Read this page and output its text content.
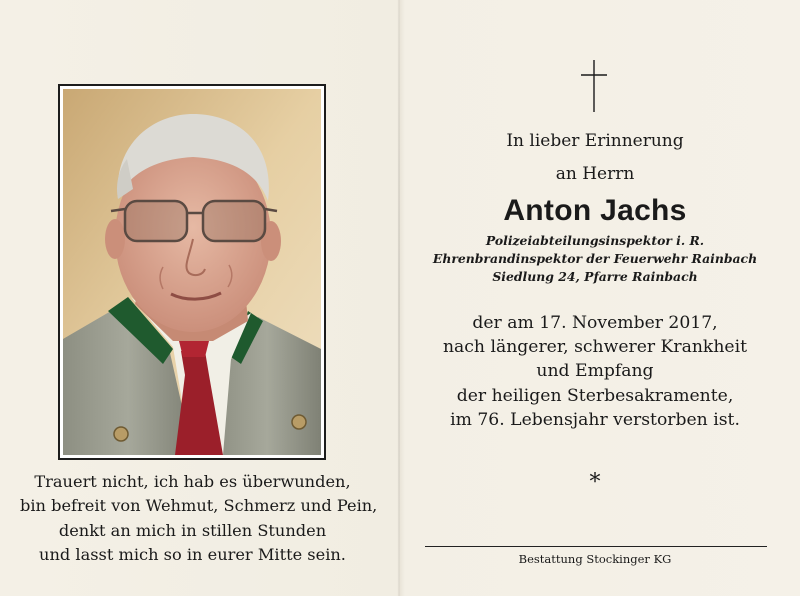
Trauert nicht, ich hab es überwunden,
bin befreit von Wehmut, Schmerz und Pein,
denkt an mich in stillen Stunden
und lasst mich so in eurer Mitte sein.
In lieber Erinnerung
an Herrn
Anton Jachs
Polizeiabteilungsinspektor i. R.
Ehrenbrandinspektor der Feuerwehr Rainbach
Siedlung 24, Pfarre Rainbach
der am 17. November 2017,
nach längerer, schwerer Krankheit
und Empfang
der heiligen Sterbesakramente,
im 76. Lebensjahr verstorben ist.
*
Bestattung Stockinger KG
